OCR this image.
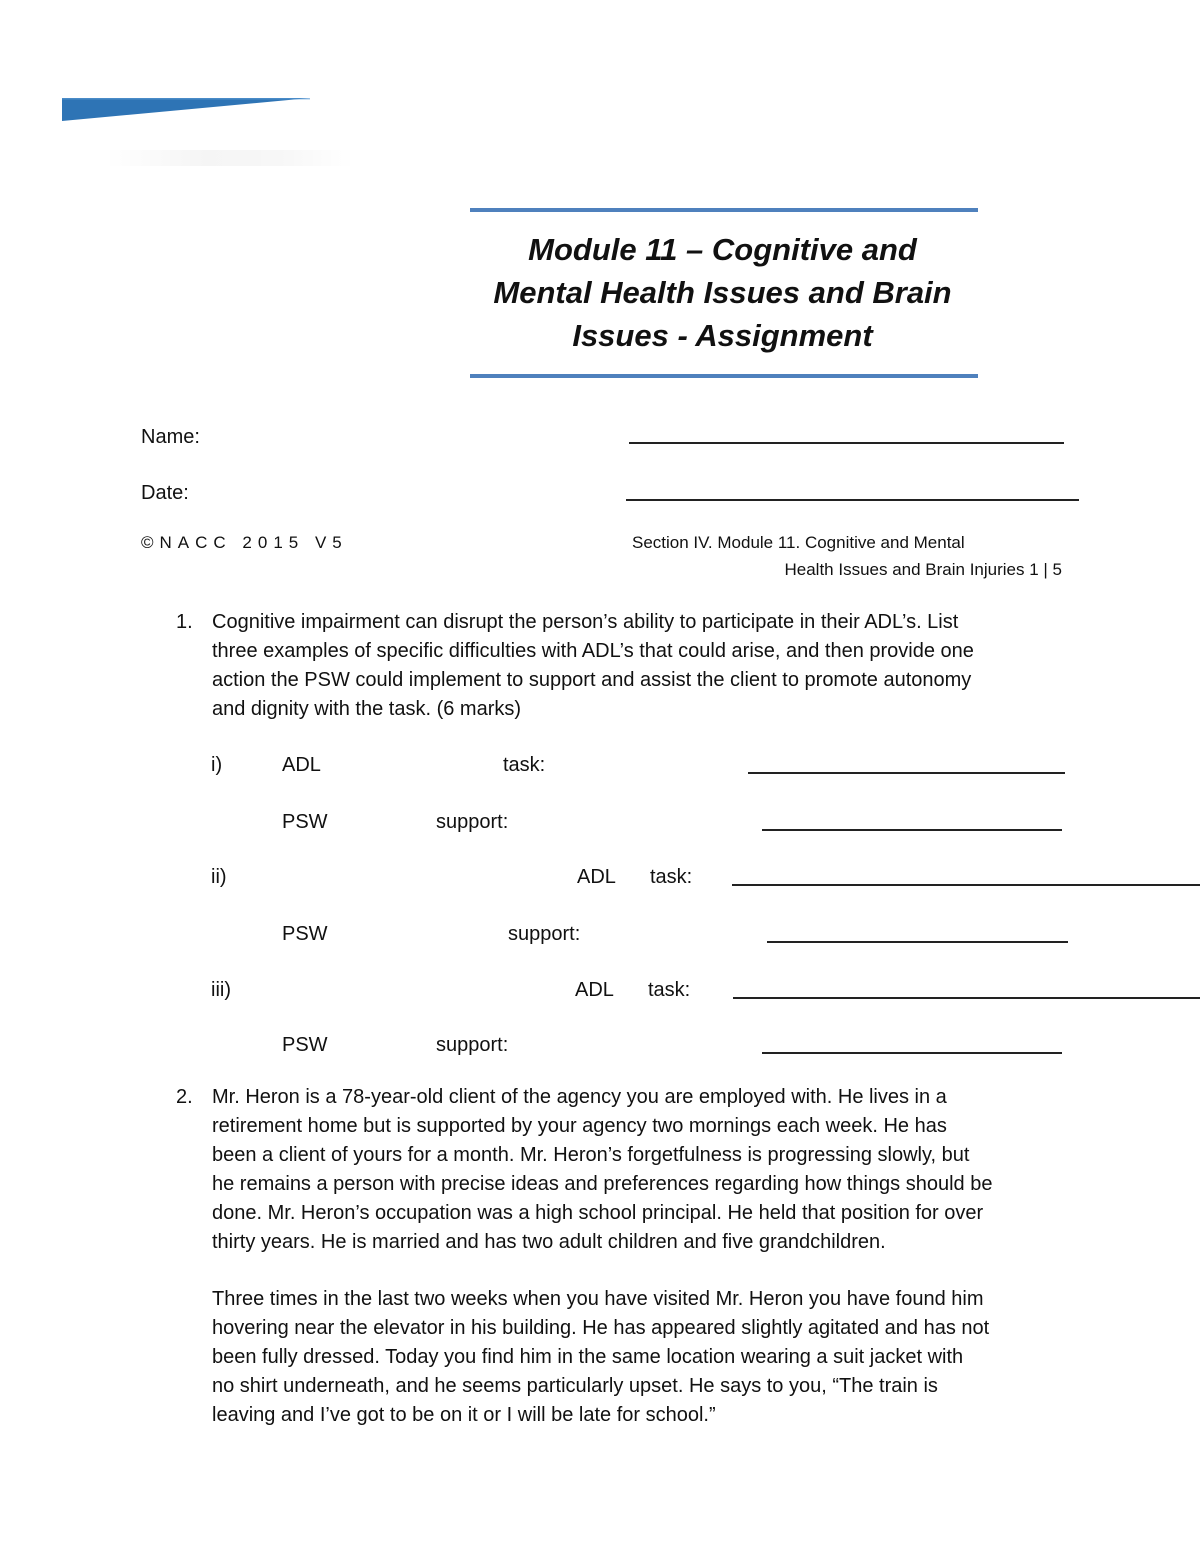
Module 11 – Cognitive and
Mental Health Issues and Brain
Issues - Assignment
Name:
Date:
©NACC 2015 V5	Section IV. Module 11. Cognitive and Mental
Health Issues and Brain Injuries 1 | 5
1. Cognitive impairment can disrupt the person’s ability to participate in their ADL’s. List
three examples of specific difficulties with ADL’s that could arise, and then provide one
action the PSW could implement to support and assist the client to promote autonomy
and dignity with the task. (6 marks)
i)	ADL	task:
PSW	support:
ii)	ADL task:
PSW	support:
iii)	ADL task:
PSW	support:
2. Mr. Heron is a 78-year-old client of the agency you are employed with. He lives in a
retirement home but is supported by your agency two mornings each week. He has
been a client of yours for a month. Mr. Heron’s forgetfulness is progressing slowly, but
he remains a person with precise ideas and preferences regarding how things should be
done. Mr. Heron’s occupation was a high school principal. He held that position for over
thirty years. He is married and has two adult children and five grandchildren.
Three times in the last two weeks when you have visited Mr. Heron you have found him
hovering near the elevator in his building. He has appeared slightly agitated and has not
been fully dressed. Today you find him in the same location wearing a suit jacket with
no shirt underneath, and he seems particularly upset. He says to you, “The train is
leaving and I’ve got to be on it or I will be late for school.”
